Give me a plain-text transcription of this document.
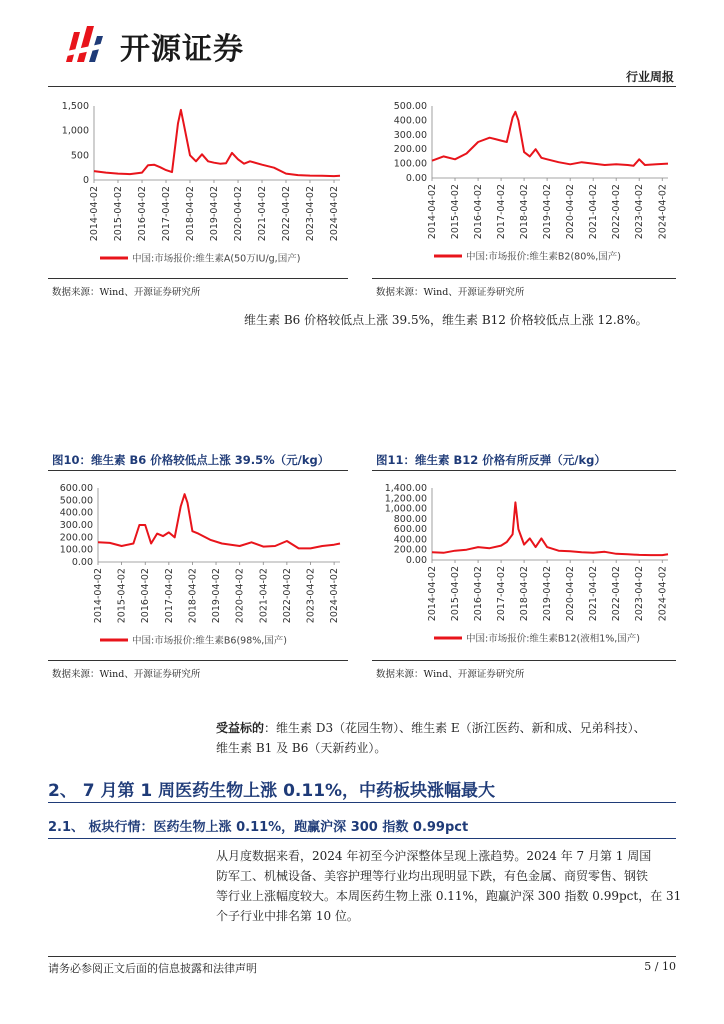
开源证券
行业周报
0
500
1,000
1,500
2014-04-02 2015-04-02 2016-04-02 2017-04-02 2018-04-02 2019-04-02 2020-04-02 2021-04-02 2022-04-02 2023-04-02 2024-04-02
中国:市场报价:维生素A(50万IU/g,国产)
数据来源：Wind、开源证券研究所
0.00
100.00
200.00
300.00
400.00
500.00
2014-04-02 2015-04-02 2016-04-02 2017-04-02 2018-04-02 2019-04-02 2020-04-02 2021-04-02 2022-04-02 2023-04-02 2024-04-02
中国:市场报价:维生素B2(80%,国产)
数据来源：Wind、开源证券研究所
维生素 B6 价格较低点上涨 39.5%，维生素 B12 价格较低点上涨 12.8%。
图10：维生素 B6 价格较低点上涨 39.5%（元/kg）	图11：维生素 B12 价格有所反弹（元/kg）
0.00
100.00
200.00
300.00
400.00
500.00
600.00
2014-04-02 2015-04-02 2016-04-02 2017-04-02 2018-04-02 2019-04-02 2020-04-02 2021-04-02 2022-04-02 2023-04-02 2024-04-02
中国:市场报价:维生素B6(98%,国产)
数据来源：Wind、开源证券研究所
0.00
200.00
400.00
600.00
800.00
1,000.00
1,200.00
1,400.00
2014-04-02 2015-04-02 2016-04-02 2017-04-02 2018-04-02 2019-04-02 2020-04-02 2021-04-02 2022-04-02 2023-04-02 2024-04-02
中国:市场报价:维生素B12(液相1%,国产)
数据来源：Wind、开源证券研究所
受益标的：维生素 D3（花园生物）、维生素 E（浙江医药、新和成、兄弟科技）、
维生素 B1 及 B6（天新药业）。
2、 7 月第 1 周医药生物上涨 0.11%，中药板块涨幅最大
2.1、 板块行情：医药生物上涨 0.11%，跑赢沪深 300 指数 0.99pct
从月度数据来看，2024 年初至今沪深整体呈现上涨趋势。2024 年 7 月第 1 周国
防军工、机械设备、美容护理等行业均出现明显下跌，有色金属、商贸零售、钢铁
等行业上涨幅度较大。本周医药生物上涨 0.11%，跑赢沪深 300 指数 0.99pct，在 31
个子行业中排名第 10 位。
请务必参阅正文后面的信息披露和法律声明	5 / 10
